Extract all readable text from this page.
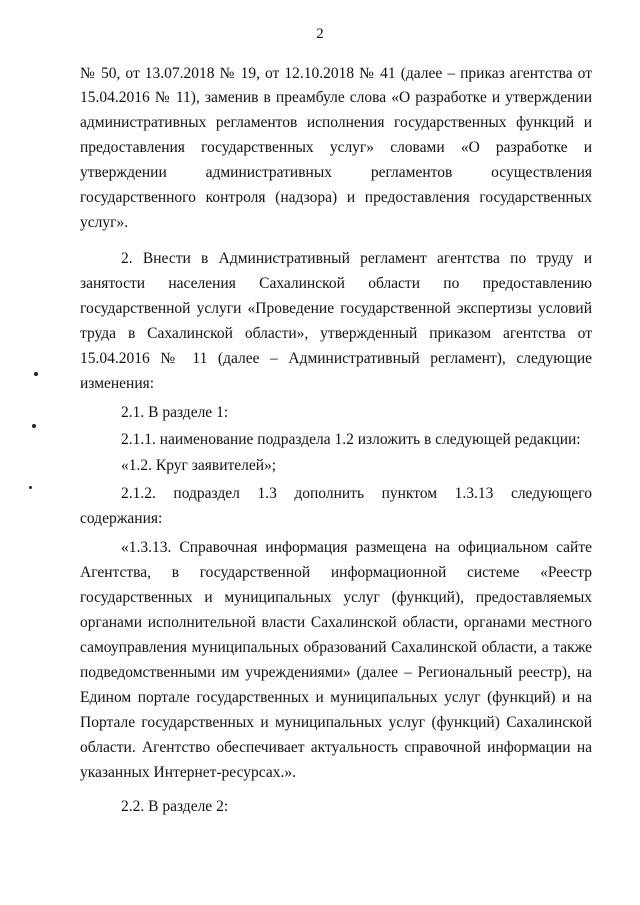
2
№ 50, от 13.07.2018 № 19, от 12.10.2018 № 41 (далее – приказ агентства от
15.04.2016 № 11), заменив в преамбуле слова «О разработке и утверждении
административных регламентов исполнения государственных функций и
предоставления государственных услуг» словами «О разработке и
утверждении административных регламентов осуществления
государственного контроля (надзора) и предоставления государственных
услуг».
2. Внести в Административный регламент агентства по труду и
занятости населения Сахалинской области по предоставлению
государственной услуги «Проведение государственной экспертизы условий
труда в Сахалинской области», утвержденный приказом агентства от
15.04.2016 № 11 (далее – Административный регламент), следующие
изменения:
2.1. В разделе 1:
2.1.1. наименование подраздела 1.2 изложить в следующей редакции:
«1.2. Круг заявителей»;
2.1.2. подраздел 1.3 дополнить пунктом 1.3.13 следующего
содержания:
«1.3.13. Справочная информация размещена на официальном сайте
Агентства, в государственной информационной системе «Реестр
государственных и муниципальных услуг (функций), предоставляемых
органами исполнительной власти Сахалинской области, органами местного
самоуправления муниципальных образований Сахалинской области, а также
подведомственными им учреждениями» (далее – Региональный реестр), на
Едином портале государственных и муниципальных услуг (функций) и на
Портале государственных и муниципальных услуг (функций) Сахалинской
области. Агентство обеспечивает актуальность справочной информации на
указанных Интернет-ресурсах.».
2.2. В разделе 2:
